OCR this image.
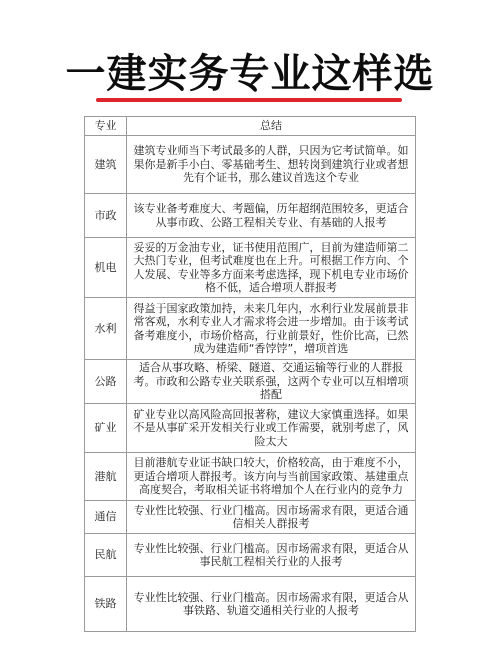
一建实务专业这样选
专业	总结
建筑	建筑专业师当下考试最多的人群，只因为它考试简单。如果你是新手小白、零基础考生、想转岗到建筑行业或者想先有个证书，那么建议首选这个专业
市政	该专业备考难度大、考题偏，历年超纲范围较多，更适合从事市政、公路工程相关专业、有基础的人报考
机电	妥妥的万金油专业，证书使用范围广，目前为建造师第二大热门专业，但考试难度也在上升。可根据工作方向、个人发展、专业等多方面来考虑选择，现下机电专业市场价格不低，适合增项人群报考
水利	得益于国家政策加持，未来几年内，水利行业发展前景非常客观，水利专业人才需求将会进一步增加。由于该考试备考难度小，市场价格高，行业前景好，性价比高，已然成为建造师“香饽饽”，增项首选
公路	适合从事攻略、桥梁、隧道、交通运输等行业的人群报考。市政和公路专业关联系强，这两个专业可以互相增项搭配
矿业	矿业专业以高风险高回报著称，建议大家慎重选择。如果不是从事矿采开发相关行业或工作需要，就别考虑了，风险太大
港航	目前港航专业证书缺口较大，价格较高，由于难度不小，更适合增项人群报考。该方向与当前国家政策、基建重点高度契合，考取相关证书将增加个人在行业内的竞争力
通信	专业性比较强、行业门槛高。因市场需求有限，更适合通信相关人群报考
民航	专业性比较强、行业门槛高。因市场需求有限，更适合从事民航工程相关行业的人报考
铁路	专业性比较强、行业门槛高。因市场需求有限，更适合从事铁路、轨道交通相关行业的人报考
